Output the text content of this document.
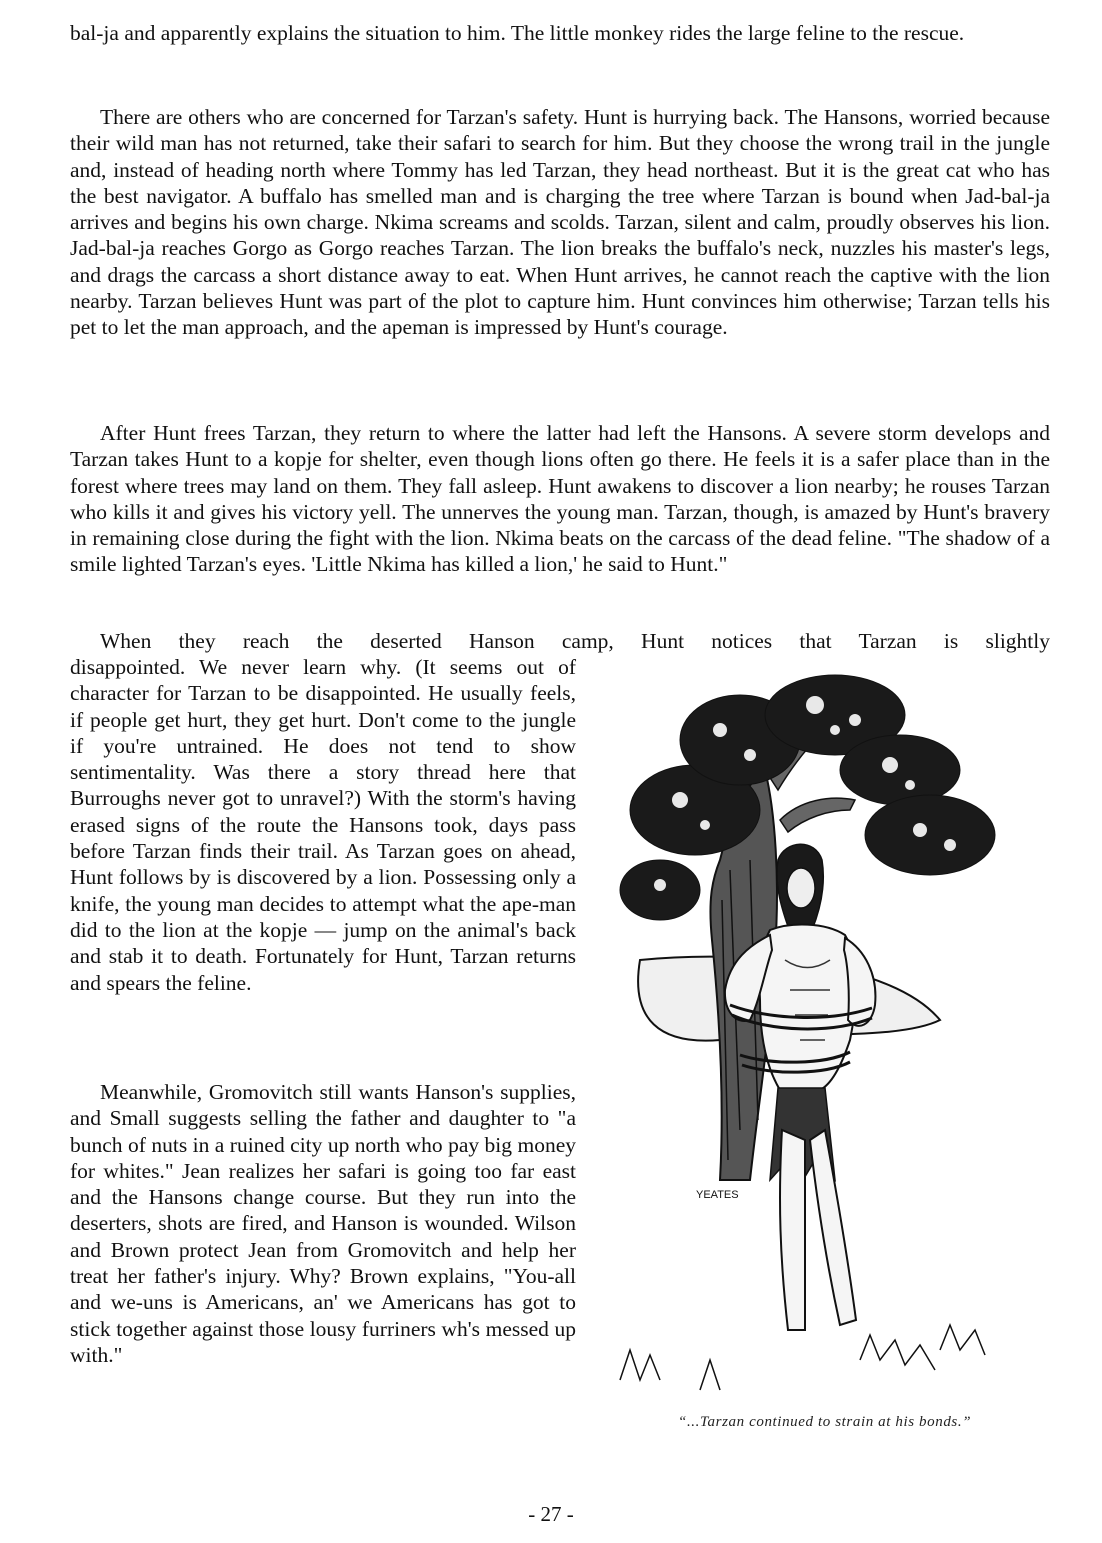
bal-ja and apparently explains the situation to him. The little monkey rides the large feline to the rescue.

There are others who are concerned for Tarzan's safety. Hunt is hurrying back. The Hansons, worried because their wild man has not returned, take their safari to search for him. But they choose the wrong trail in the jungle and, instead of heading north where Tommy has led Tarzan, they head northeast. But it is the great cat who has the best navigator. A buffalo has smelled man and is charging the tree where Tarzan is bound when Jad-bal-ja arrives and begins his own charge. Nkima screams and scolds. Tarzan, silent and calm, proudly observes his lion. Jad-bal-ja reaches Gorgo as Gorgo reaches Tarzan. The lion breaks the buffalo's neck, nuzzles his master's legs, and drags the carcass a short distance away to eat. When Hunt arrives, he cannot reach the captive with the lion nearby. Tarzan believes Hunt was part of the plot to capture him. Hunt convinces him otherwise; Tarzan tells his pet to let the man approach, and the apeman is impressed by Hunt's courage.

After Hunt frees Tarzan, they return to where the latter had left the Hansons. A severe storm develops and Tarzan takes Hunt to a kopje for shelter, even though lions often go there. He feels it is a safer place than in the forest where trees may land on them. They fall asleep. Hunt awakens to discover a lion nearby; he rouses Tarzan who kills it and gives his victory yell. The unnerves the young man. Tarzan, though, is amazed by Hunt's bravery in remaining close during the fight with the lion. Nkima beats on the carcass of the dead feline. "The shadow of a smile lighted Tarzan's eyes. 'Little Nkima has killed a lion,' he said to Hunt."

When they reach the deserted Hanson camp, Hunt notices that Tarzan is slightly

disappointed. We never learn why. (It seems out of character for Tarzan to be disappointed. He usually feels, if people get hurt, they get hurt. Don't come to the jungle if you're untrained. He does not tend to show sentimentality. Was there a story thread here that Burroughs never got to unravel?) With the storm's having erased signs of the route the Hansons took, days pass before Tarzan finds their trail. As Tarzan goes on ahead, Hunt follows by is discovered by a lion. Possessing only a knife, the young man decides to attempt what the ape-man did to the lion at the kopje — jump on the animal's back and stab it to death. Fortunately for Hunt, Tarzan returns and spears the feline.

Meanwhile, Gromovitch still wants Hanson's supplies, and Small suggests selling the father and daughter to "a bunch of nuts in a ruined city up north who pay big money for whites." Jean realizes her safari is going too far east and the Hansons change course. But they run into the deserters, shots are fired, and Hanson is wounded. Wilson and Brown protect Jean from Gromovitch and help her treat her father's injury. Why? Brown explains, "You-all and we-uns is Americans, an' we Americans has got to stick together against those lousy furriners wh's messed up with."

YEATES
“...Tarzan continued to strain at his bonds.”
- 27 -
